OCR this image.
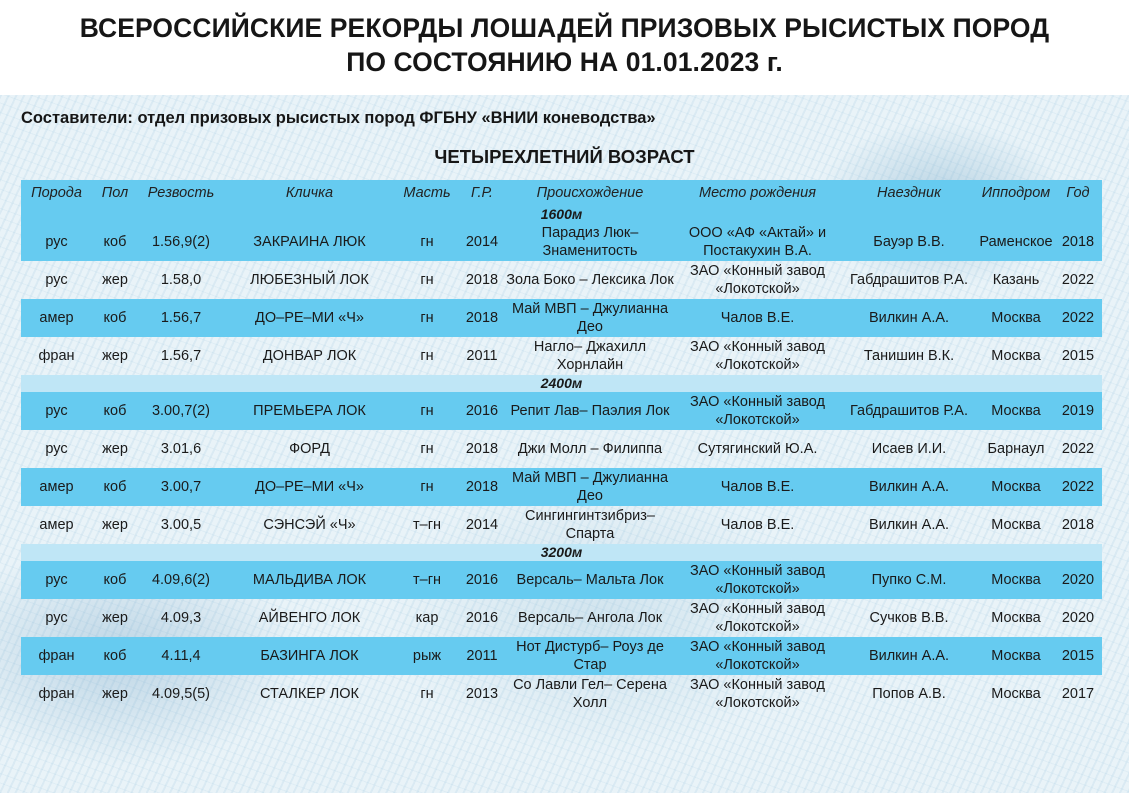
ВСЕРОССИЙСКИЕ РЕКОРДЫ ЛОШАДЕЙ ПРИЗОВЫХ РЫСИСТЫХ ПОРОД
ПО СОСТОЯНИЮ НА 01.01.2023 г.
Составители: отдел призовых рысистых пород ФГБНУ «ВНИИ коневодства»
ЧЕТЫРЕХЛЕТНИЙ ВОЗРАСТ
Порода	Пол	Резвость	Кличка	Масть	Г.Р.	Происхождение	Место рождения	Наездник	Ипподром	Год
1600м										
рус	коб	1.56,9(2)	ЗАКРАИНА ЛЮК	гн	2014	Парадиз Люк– Знаменитость	ООО «АФ «Актай» и Постакухин В.А.	Бауэр В.В.	Раменское	2018
рус	жер	1.58,0	ЛЮБЕЗНЫЙ ЛОК	гн	2018	Зола Боко – Лексика Лок	ЗАО «Конный завод «Локотской»	Габдрашитов Р.А.	Казань	2022
амер	коб	1.56,7	ДО–РЕ–МИ «Ч»	гн	2018	Май МВП – Джулианна Део	Чалов В.Е.	Вилкин А.А.	Москва	2022
фран	жер	1.56,7	ДОНВАР ЛОК	гн	2011	Нагло– Джахилл Хорнлайн	ЗАО «Конный завод «Локотской»	Танишин В.К.	Москва	2015
2400м										
рус	коб	3.00,7(2)	ПРЕМЬЕРА ЛОК	гн	2016	Репит Лав– Паэлия Лок	ЗАО «Конный завод «Локотской»	Габдрашитов Р.А.	Москва	2019
рус	жер	3.01,6	ФОРД	гн	2018	Джи Молл – Филиппа	Сутягинский Ю.А.	Исаев И.И.	Барнаул	2022
амер	коб	3.00,7	ДО–РЕ–МИ «Ч»	гн	2018	Май МВП – Джулианна Део	Чалов В.Е.	Вилкин А.А.	Москва	2022
амер	жер	3.00,5	СЭНСЭЙ «Ч»	т–гн	2014	Сингингинтзибриз– Спарта	Чалов В.Е.	Вилкин А.А.	Москва	2018
3200м										
рус	коб	4.09,6(2)	МАЛЬДИВА ЛОК	т–гн	2016	Версаль– Мальта Лок	ЗАО «Конный завод «Локотской»	Пупко С.М.	Москва	2020
рус	жер	4.09,3	АЙВЕНГО ЛОК	кар	2016	Версаль– Ангола Лок	ЗАО «Конный завод «Локотской»	Сучков В.В.	Москва	2020
фран	коб	4.11,4	БАЗИНГА ЛОК	рыж	2011	Нот Дистурб– Роуз де Стар	ЗАО «Конный завод «Локотской»	Вилкин А.А.	Москва	2015
фран	жер	4.09,5(5)	СТАЛКЕР ЛОК	гн	2013	Со Лавли Гел– Серена Холл	ЗАО «Конный завод «Локотской»	Попов А.В.	Москва	2017
